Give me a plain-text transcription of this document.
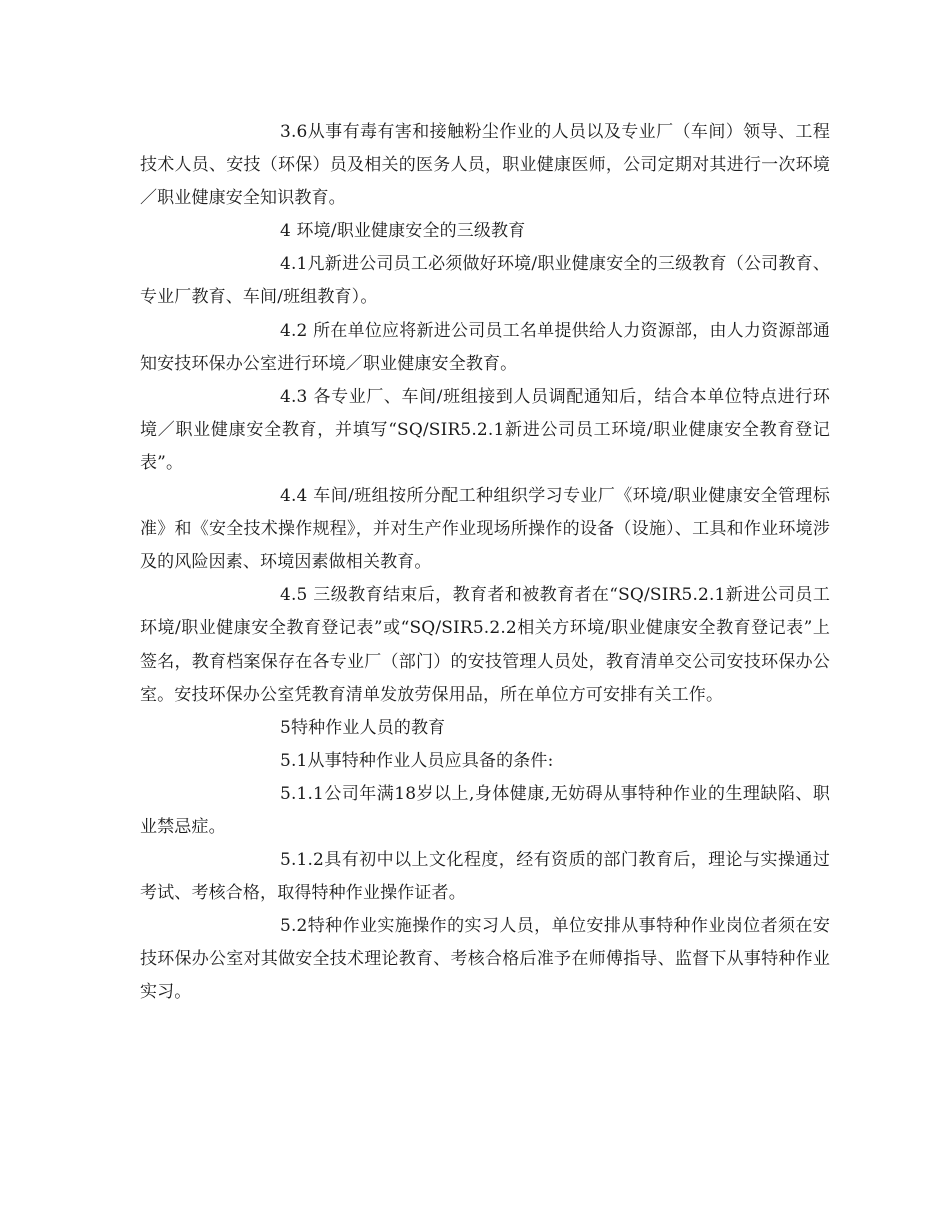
3.6从事有毒有害和接触粉尘作业的人员以及专业厂（车间）领导、工程技术人员、安技（环保）员及相关的医务人员，职业健康医师，公司定期对其进行一次环境／职业健康安全知识教育。

4 环境/职业健康安全的三级教育

4.1凡新进公司员工必须做好环境/职业健康安全的三级教育（公司教育、专业厂教育、车间/班组教育）。

4.2 所在单位应将新进公司员工名单提供给人力资源部，由人力资源部通知安技环保办公室进行环境／职业健康安全教育。

4.3 各专业厂、车间/班组接到人员调配通知后，结合本单位特点进行环境／职业健康安全教育，并填写“SQ/SIR5.2.1新进公司员工环境/职业健康安全教育登记表”。

4.4 车间/班组按所分配工种组织学习专业厂《环境/职业健康安全管理标准》和《安全技术操作规程》，并对生产作业现场所操作的设备（设施）、工具和作业环境涉及的风险因素、环境因素做相关教育。

4.5 三级教育结束后，教育者和被教育者在“SQ/SIR5.2.1新进公司员工环境/职业健康安全教育登记表”或“SQ/SIR5.2.2相关方环境/职业健康安全教育登记表”上签名，教育档案保存在各专业厂（部门）的安技管理人员处，教育清单交公司安技环保办公室。安技环保办公室凭教育清单发放劳保用品，所在单位方可安排有关工作。

5特种作业人员的教育

5.1从事特种作业人员应具备的条件:

5.1.1公司年满18岁以上,身体健康,无妨碍从事特种作业的生理缺陷、职业禁忌症。

5.1.2具有初中以上文化程度，经有资质的部门教育后，理论与实操通过考试、考核合格，取得特种作业操作证者。

5.2特种作业实施操作的实习人员，单位安排从事特种作业岗位者须在安技环保办公室对其做安全技术理论教育、考核合格后准予在师傅指导、监督下从事特种作业实习。
